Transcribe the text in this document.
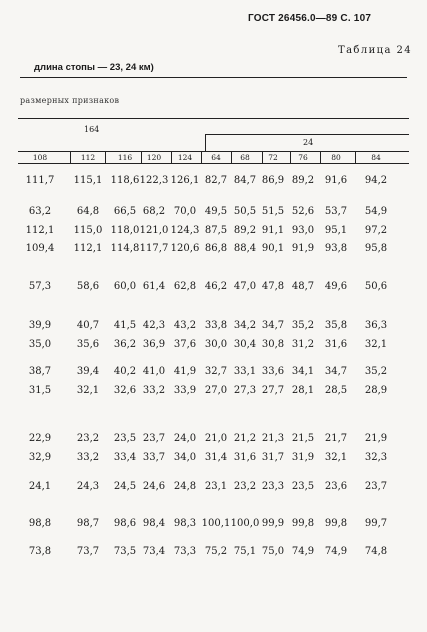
ГОСТ 26456.0—89 С. 107
Таблица 24
длина стопы — 23, 24 км)
размерных признаков
164
24
108	112	116 120 124	64	68 72	76	80	84
111,7 115,1 118,6 122,3 126,1 82,7 84,7 86,9 89,2 91,6 94,2
63,2	64,8 66,5 68,2 70,0 49,5 50,5 51,5 52,6 53,7 54,9
112,1 115,0 118,0 121,0 124,3 87,5 89,2 91,1 93,0 95,1 97,2
109,4 112,1 114,8 117,7 120,6 86,8 88,4 90,1 91,9 93,8 95,8
57,3	58,6 60,0 61,4 62,8 46,2 47,0 47,8 48,7 49,6 50,6
39,9	40,7 41,5 42,3 43,2 33,8 34,2 34,7 35,2 35,8 36,3
35,0	35,6 36,2 36,9 37,6 30,0 30,4 30,8 31,2 31,6 32,1
38,7	39,4 40,2 41,0 41,9 32,7 33,1 33,6 34,1 34,7 35,2
31,5	32,1 32,6 33,2 33,9 27,0 27,3 27,7 28,1 28,5 28,9
22,9	23,2 23,5 23,7 24,0 21,0 21,2 21,3 21,5 21,7 21,9
32,9	33,2 33,4 33,7 34,0 31,4 31,6 31,7 31,9 32,1 32,3
24,1	24,3 24,5 24,6 24,8 23,1 23,2 23,3 23,5 23,6 23,7
98,8	98,7 98,6 98,4 98,3 100,1 100,0 99,9 99,8 99,8 99,7
73,8	73,7 73,5 73,4 73,3 75,2 75,1 75,0 74,9 74,9 74,8
